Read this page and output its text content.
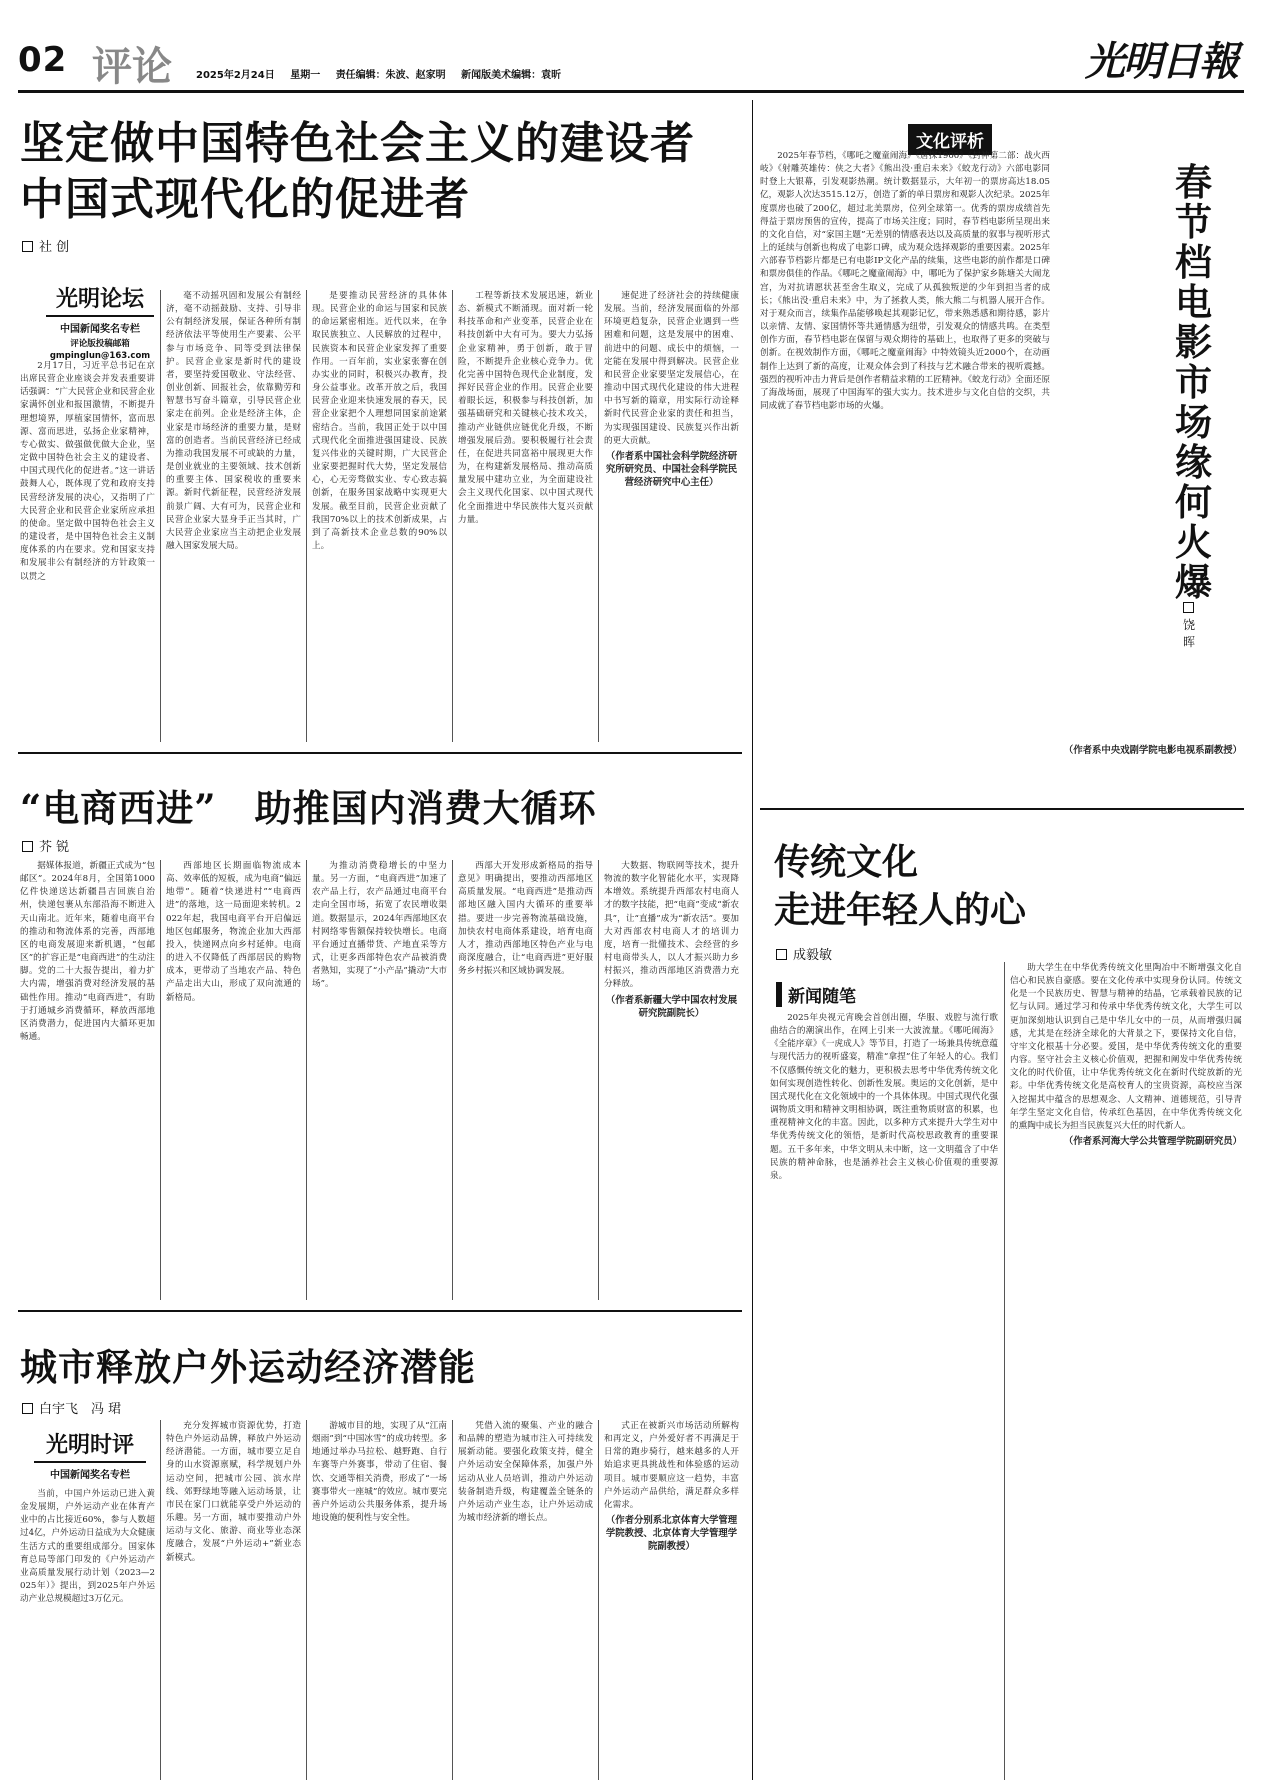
02 评论 2025年2月24日 星期一 责任编辑：朱波、赵家明 新闻版美术编辑：袁昕	光明日報
坚定做中国特色社会主义的建设者
中国式现代化的促进者
社 创
光明论坛
中国新闻奖名专栏
评论版投稿邮箱
gmpinglun@163.com

2月17日，习近平总书记在京出席民营企业座谈会并发表重要讲话强调：“广大民营企业和民营企业家满怀创业和报国激情，不断提升理想境界，厚植家国情怀，富而思源、富而思进，弘扬企业家精神，专心做实、做强做优做大企业，坚定做中国特色社会主义的建设者、中国式现代化的促进者。”这一讲话鼓舞人心，既体现了党和政府支持民营经济发展的决心，又指明了广大民营企业和民营企业家所应承担的使命。坚定做中国特色社会主义的建设者，是中国特色社会主义制度体系的内在要求。党和国家支持和发展非公有制经济的方针政策一以贯之

毫不动摇巩固和发展公有制经济，毫不动摇鼓励、支持、引导非公有制经济发展，保证各种所有制经济依法平等使用生产要素、公平参与市场竞争、同等受到法律保护。民营企业家是新时代的建设者，要坚持爱国敬业、守法经营、创业创新、回报社会，依靠勤劳和智慧书写奋斗篇章，引导民营企业家走在前列。企业是经济主体，企业家是市场经济的重要力量，是财富的创造者。当前民营经济已经成为推动我国发展不可或缺的力量，是创业就业的主要领域、技术创新的重要主体、国家税收的重要来源。新时代新征程，民营经济发展前景广阔、大有可为，民营企业和民营企业家大显身手正当其时，广大民营企业家应当主动把企业发展融入国家发展大局。

是要推动民营经济的具体体现。民营企业的命运与国家和民族的命运紧密相连。近代以来，在争取民族独立、人民解放的过程中，民族资本和民营企业家发挥了重要作用。一百年前，实业家张謇在创办实业的同时，积极兴办教育，投身公益事业。改革开放之后，我国民营企业迎来快速发展的春天，民营企业家把个人理想同国家前途紧密结合。当前，我国正处于以中国式现代化全面推进强国建设、民族复兴伟业的关键时期，广大民营企业家要把握时代大势，坚定发展信心，心无旁骛做实业、专心致志搞创新，在服务国家战略中实现更大发展。截至目前，民营企业贡献了我国70%以上的技术创新成果，占到了高新技术企业总数的90%以上。

工程等新技术发展迅速，新业态、新模式不断涌现。面对新一轮科技革命和产业变革，民营企业在科技创新中大有可为。要大力弘扬企业家精神，勇于创新，敢于冒险，不断提升企业核心竞争力。优化完善中国特色现代企业制度，发挥好民营企业的作用。民营企业要着眼长远，积极参与科技创新，加强基础研究和关键核心技术攻关，推动产业链供应链优化升级，不断增强发展后劲。要积极履行社会责任，在促进共同富裕中展现更大作为，在构建新发展格局、推动高质量发展中建功立业，为全面建设社会主义现代化国家、以中国式现代化全面推进中华民族伟大复兴贡献力量。

速促进了经济社会的持续健康发展。当前，经济发展面临的外部环境更趋复杂，民营企业遇到一些困难和问题，这是发展中的困难、前进中的问题、成长中的烦恼，一定能在发展中得到解决。民营企业和民营企业家要坚定发展信心，在推动中国式现代化建设的伟大进程中书写新的篇章，用实际行动诠释新时代民营企业家的责任和担当，为实现强国建设、民族复兴作出新的更大贡献。

（作者系中国社会科学院经济研究所研究员、中国社会科学院民营经济研究中心主任）

“电商西进”　助推国内消费大循环
芥 锐

据媒体报道，新疆正式成为“包邮区”。2024年8月，全国第1000亿件快递送达新疆昌吉回族自治州，快递包裹从东部沿海不断进入天山南北。近年来，随着电商平台的推动和物流体系的完善，西部地区的电商发展迎来新机遇，“包邮区”的扩容正是“电商西进”的生动注脚。党的二十大报告提出，着力扩大内需，增强消费对经济发展的基础性作用。推动“电商西进”，有助于打通城乡消费循环，释放西部地区消费潜力，促进国内大循环更加畅通。

西部地区长期面临物流成本高、效率低的短板，成为电商“偏远地带”。随着“快递进村”“电商西进”的落地，这一局面迎来转机。2022年起，我国电商平台开启偏远地区包邮服务，物流企业加大西部投入，快递网点向乡村延伸。电商的进入不仅降低了西部居民的购物成本，更带动了当地农产品、特色产品走出大山，形成了双向流通的新格局。

为推动消费稳增长的中坚力量。另一方面，“电商西进”加速了农产品上行，农产品通过电商平台走向全国市场，拓宽了农民增收渠道。数据显示，2024年西部地区农村网络零售额保持较快增长。电商平台通过直播带货、产地直采等方式，让更多西部特色农产品被消费者熟知，实现了“小产品”撬动“大市场”。

西部大开发形成新格局的指导意见》明确提出，要推动西部地区高质量发展。“电商西进”是推动西部地区融入国内大循环的重要举措。要进一步完善物流基础设施，加快农村电商体系建设，培育电商人才，推动西部地区特色产业与电商深度融合，让“电商西进”更好服务乡村振兴和区域协调发展。

大数据、物联网等技术，提升物流的数字化智能化水平，实现降本增效。系统提升西部农村电商人才的数字技能，把“电商”变成“新农具”，让“直播”成为“新农活”。要加大对西部农村电商人才的培训力度，培育一批懂技术、会经营的乡村电商带头人，以人才振兴助力乡村振兴，推动西部地区消费潜力充分释放。

（作者系新疆大学中国农村发展研究院副院长）

城市释放户外运动经济潜能
白宇飞　冯 珺
光明时评
中国新闻奖名专栏

当前，中国户外运动已进入黄金发展期，户外运动产业在体育产业中的占比接近60%，参与人数超过4亿，户外运动日益成为大众健康生活方式的重要组成部分。国家体育总局等部门印发的《户外运动产业高质量发展行动计划（2023—2025年）》提出，到2025年户外运动产业总规模超过3万亿元。

充分发挥城市资源优势，打造特色户外运动品牌，释放户外运动经济潜能。一方面，城市要立足自身的山水资源禀赋，科学规划户外运动空间，把城市公园、滨水岸线、郊野绿地等融入运动场景，让市民在家门口就能享受户外运动的乐趣。另一方面，城市要推动户外运动与文化、旅游、商业等业态深度融合，发展“户外运动+”新业态新模式。

游城市目的地，实现了从“江南烟雨”到“中国冰雪”的成功转型。多地通过举办马拉松、越野跑、自行车赛等户外赛事，带动了住宿、餐饮、交通等相关消费，形成了“一场赛事带火一座城”的效应。城市要完善户外运动公共服务体系，提升场地设施的便利性与安全性。

凭借入流的聚集、产业的融合和品牌的塑造为城市注入可持续发展新动能。要强化政策支持，健全户外运动安全保障体系，加强户外运动从业人员培训，推动户外运动装备制造升级，构建覆盖全链条的户外运动产业生态，让户外运动成为城市经济新的增长点。

式正在被新兴市场活动所解构和再定义，户外爱好者不再满足于日常的跑步骑行，越来越多的人开始追求更具挑战性和体验感的运动项目。城市要顺应这一趋势，丰富户外运动产品供给，满足群众多样化需求。

（作者分别系北京体育大学管理学院教授、北京体育大学管理学院副教授）

文化评析

2025年春节档，《哪吒之魔童闹海》《唐探1900》《封神第二部：战火西岐》《射雕英雄传：侠之大者》《熊出没·重启未来》《蛟龙行动》六部电影同时登上大银幕，引发观影热潮。统计数据显示，大年初一的票房高达18.05亿，观影人次达3515.12万，创造了新的单日票房和观影人次纪录。2025年度票房也破了200亿，超过北美票房，位列全球第一。优秀的票房成绩首先得益于票房预售的宣传，提高了市场关注度；同时，春节档电影所呈现出来的文化自信，对“家国主题”无差别的情感表达以及高质量的叙事与视听形式上的延续与创新也构成了电影口碑，成为观众选择观影的重要因素。2025年六部春节档影片都是已有电影IP文化产品的续集，这些电影的前作都是口碑和票房俱佳的作品。《哪吒之魔童闹海》中，哪吒为了保护家乡陈塘关大闹龙宫，为对抗请愿状甚至舍生取义，完成了从孤独叛逆的少年到担当者的成长；《熊出没·重启未来》中，为了拯救人类，熊大熊二与机器人展开合作。对于观众而言，续集作品能够唤起其观影记忆，带来熟悉感和期待感，影片以亲情、友情、家国情怀等共通情感为纽带，引发观众的情感共鸣。在类型创作方面，春节档电影在保留与观众期待的基础上，也取得了更多的突破与创新。在视效制作方面，《哪吒之魔童闹海》中特效镜头近2000个，在动画制作上达到了新的高度，让观众体会到了科技与艺术融合带来的视听震撼。强烈的视听冲击力背后是创作者精益求精的工匠精神。《蛟龙行动》全面还原了海战场面，展现了中国海军的强大实力。技术进步与文化自信的交织，共同成就了春节档电影市场的火爆。

春节档电影市场缘何火爆
饶 晖

（作者系中央戏剧学院电影电视系副教授）

传统文化
走进年轻人的心
成毅敏
新闻随笔

2025年央视元宵晚会首创出圈，华服、戏腔与流行歌曲结合的潮演出作，在网上引来一大波流量。《哪吒闹海》《全能序章》《一虎成人》等节目，打造了一场兼具传统意蕴与现代活力的视听盛宴，精准“拿捏”住了年轻人的心。我们不仅感慨传统文化的魅力，更积极去思考中华优秀传统文化如何实现创造性转化、创新性发展。奥运的文化创新，是中国式现代化在文化领域中的一个具体体现。中国式现代化强调物质文明和精神文明相协调，既注重物质财富的积累，也重视精神文化的丰富。因此，以多种方式来提升大学生对中华优秀传统文化的领悟，是新时代高校思政教育的重要课题。五千多年来，中华文明从未中断，这一文明蕴含了中华民族的精神命脉，也是涵养社会主义核心价值观的重要源泉。

助大学生在中华优秀传统文化里陶冶中不断增强文化自信心和民族自豪感。要在文化传承中实现身份认同。传统文化是一个民族历史、智慧与精神的结晶，它承载着民族的记忆与认同。通过学习和传承中华优秀传统文化，大学生可以更加深刻地认识到自己是中华儿女中的一员，从而增强归属感，尤其是在经济全球化的大背景之下，要保持文化自信，守牢文化根基十分必要。爱国，是中华优秀传统文化的重要内容。坚守社会主义核心价值观，把握和阐发中华优秀传统文化的时代价值，让中华优秀传统文化在新时代绽放新的光彩。中华优秀传统文化是高校育人的宝贵资源，高校应当深入挖掘其中蕴含的思想观念、人文精神、道德规范，引导青年学生坚定文化自信，传承红色基因，在中华优秀传统文化的熏陶中成长为担当民族复兴大任的时代新人。

（作者系河海大学公共管理学院副研究员）
